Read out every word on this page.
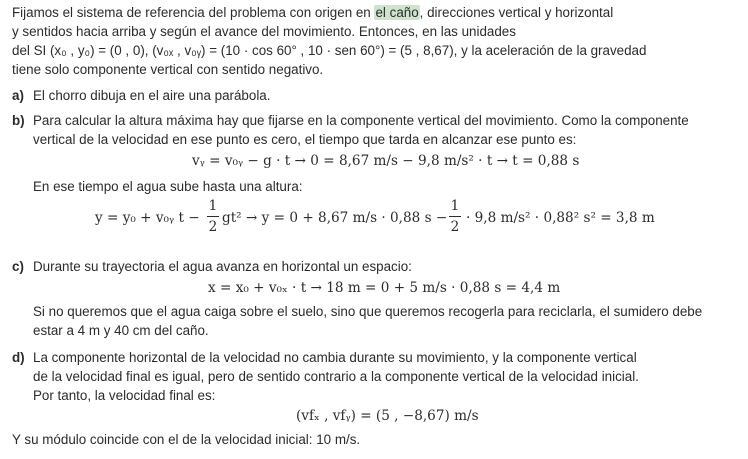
Fijamos el sistema de referencia del problema con origen en el caño, direcciones vertical y horizontal
y sentidos hacia arriba y según el avance del movimiento. Entonces, en las unidades
del SI (x₀ , y₀) = (0 , 0), (v₀ₓ , v₀ᵧ) = (10 · cos 60° , 10 · sen 60°) = (5 , 8,67), y la aceleración de la gravedad
tiene solo componente vertical con sentido negativo.
a) El chorro dibuja en el aire una parábola.
b) Para calcular la altura máxima hay que fijarse en la componente vertical del movimiento. Como la componente
vertical de la velocidad en ese punto es cero, el tiempo que tarda en alcanzar ese punto es:
vᵧ = v₀ᵧ − g · t → 0 = 8,67 m/s − 9,8 m/s² · t → t = 0,88 s
En ese tiempo el agua sube hasta una altura:
y = y₀ + v₀ᵧ t −
1
2
gt² → y = 0 + 8,67 m/s · 0,88 s −
1
2
· 9,8 m/s² · 0,88² s² = 3,8 m
c) Durante su trayectoria el agua avanza en horizontal un espacio:
x = x₀ + v₀ₓ · t → 18 m = 0 + 5 m/s · 0,88 s = 4,4 m
Si no queremos que el agua caiga sobre el suelo, sino que queremos recogerla para reciclarla, el sumidero debe
estar a 4 m y 40 cm del caño.
d) La componente horizontal de la velocidad no cambia durante su movimiento, y la componente vertical
de la velocidad final es igual, pero de sentido contrario a la componente vertical de la velocidad inicial.
Por tanto, la velocidad final es:
(vfₓ , vfᵧ) = (5 , −8,67) m/s
Y su módulo coincide con el de la velocidad inicial: 10 m/s.
